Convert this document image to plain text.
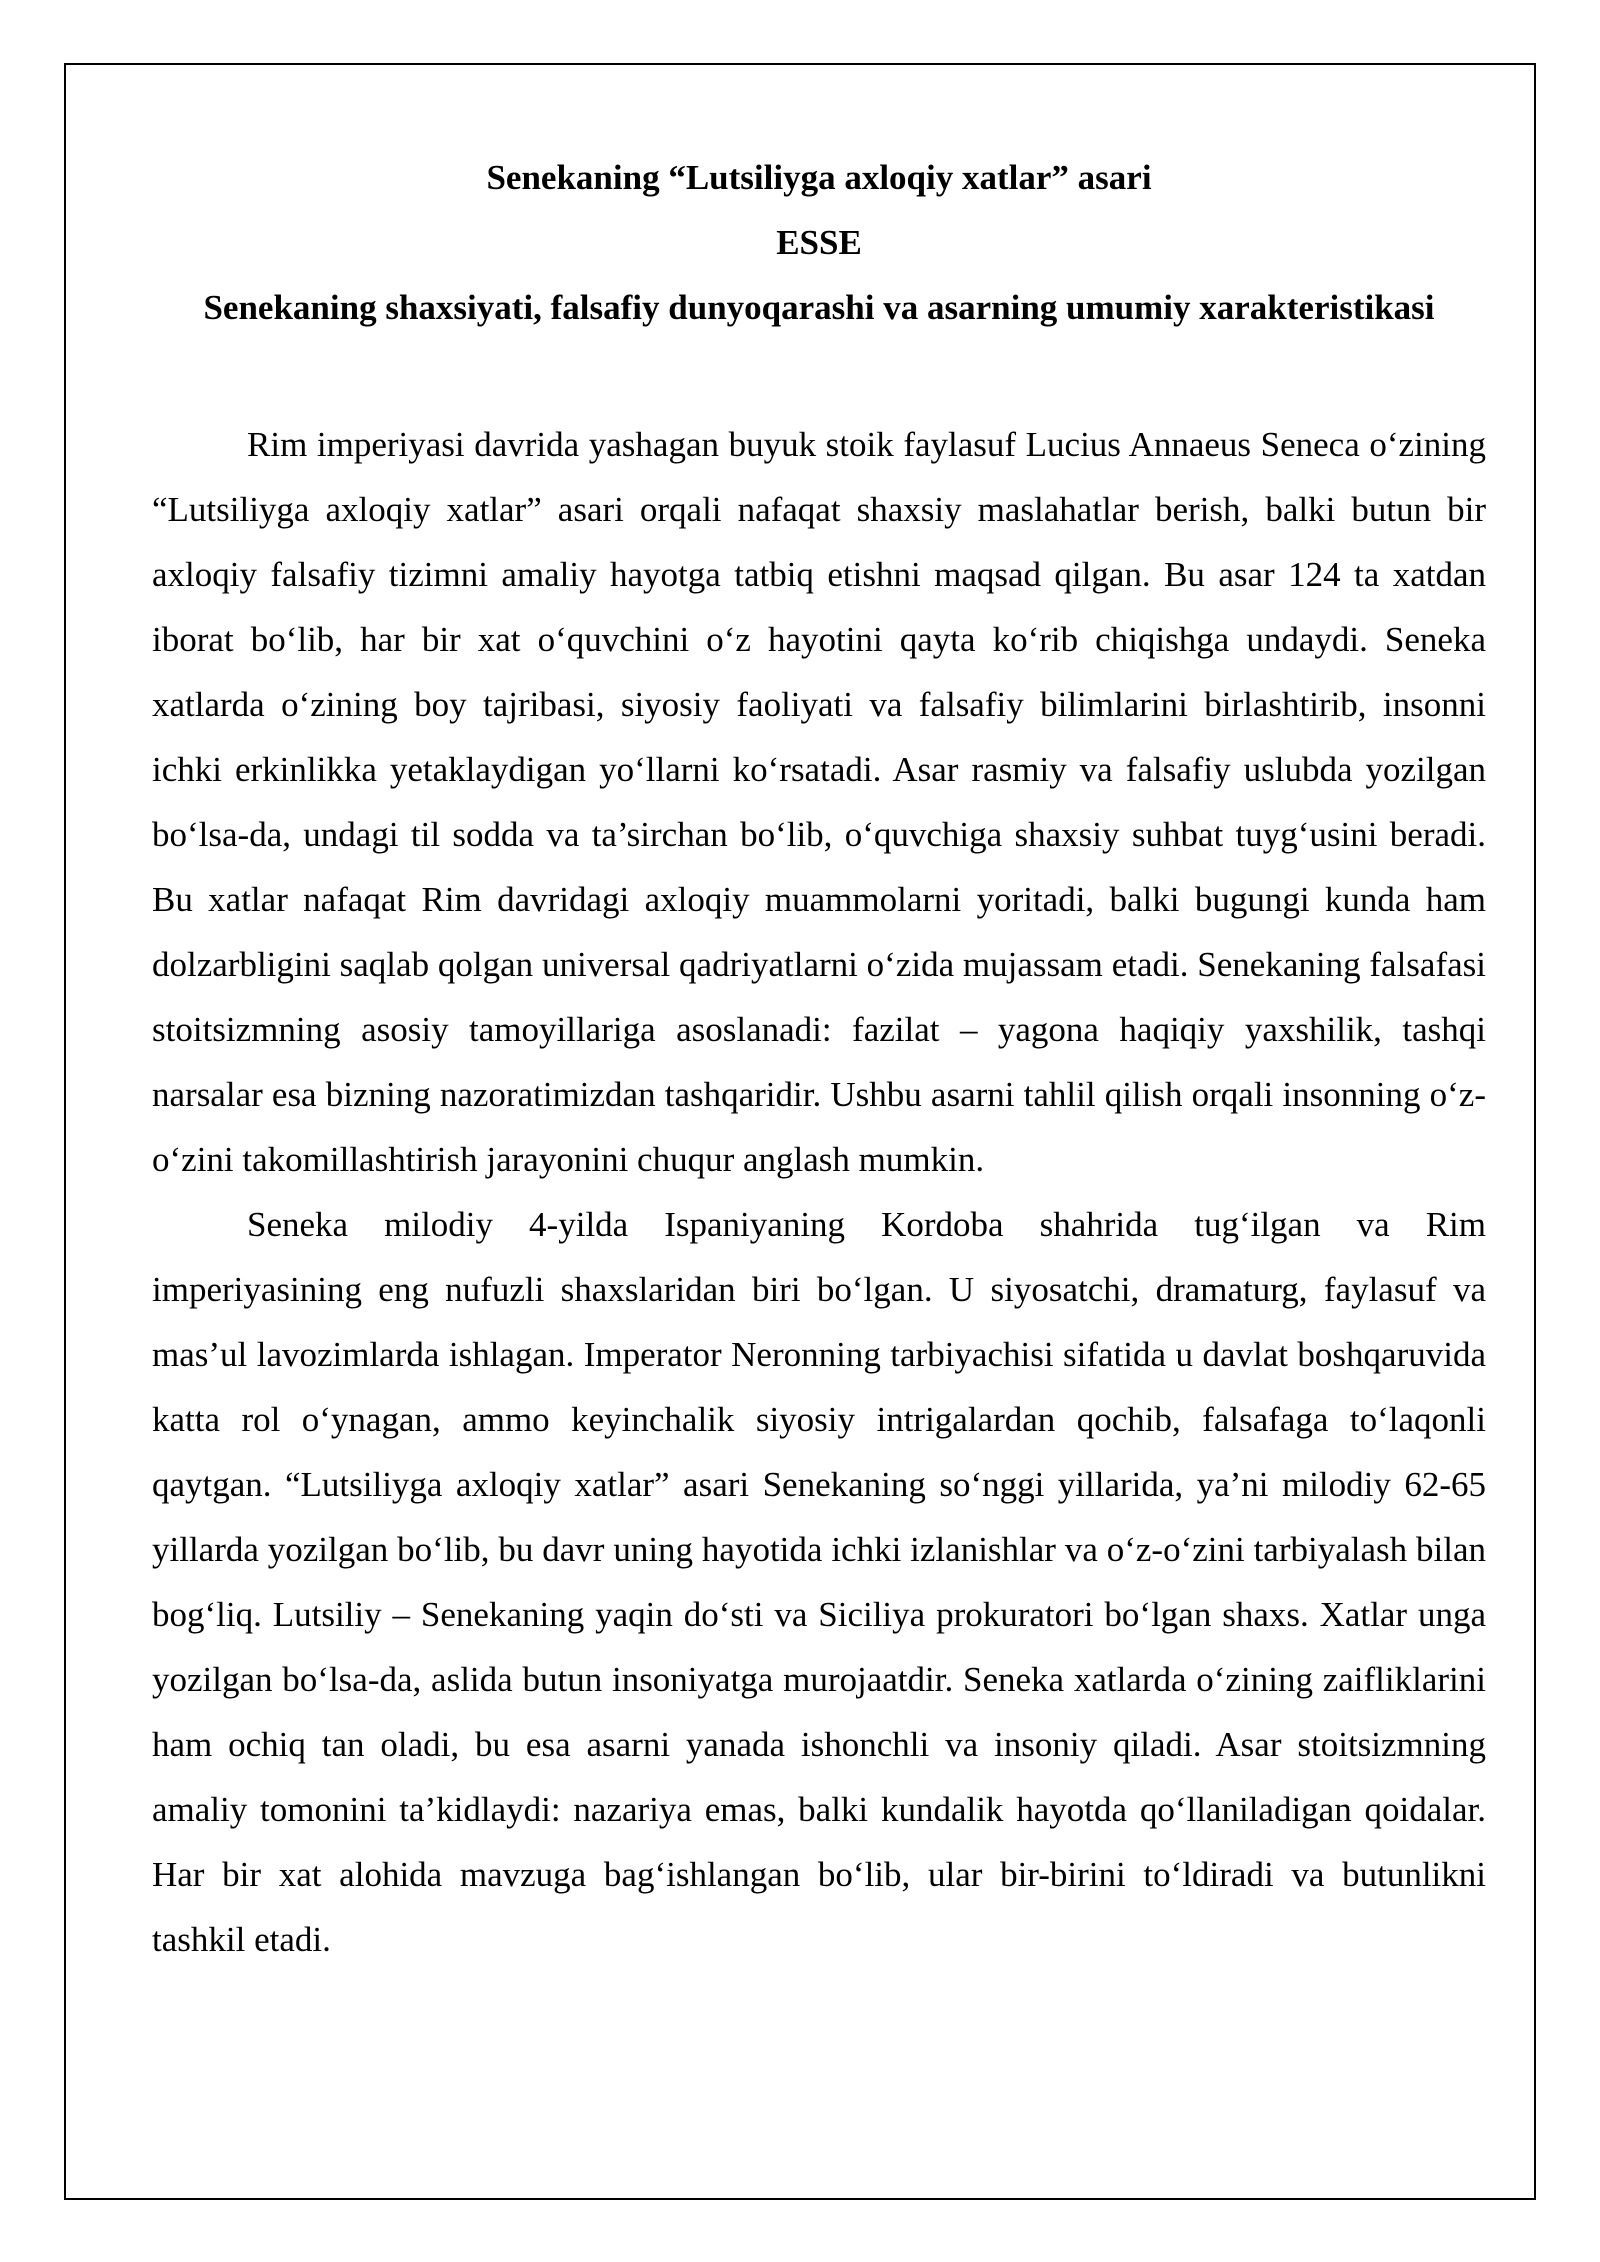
Senekaning “Lutsiliyga axloqiy xatlar” asari

ESSE

Senekaning shaxsiyati, falsafiy dunyoqarashi va asarning umumiy xarakteristikasi

Rim imperiyasi davrida yashagan buyuk stoik faylasuf Lucius Annaeus Seneca o‘zining “Lutsiliyga axloqiy xatlar” asari orqali nafaqat shaxsiy maslahatlar berish, balki butun bir axloqiy falsafiy tizimni amaliy hayotga tatbiq etishni maqsad qilgan. Bu asar 124 ta xatdan iborat bo‘lib, har bir xat o‘quvchini o‘z hayotini qayta ko‘rib chiqishga undaydi. Seneka xatlarda o‘zining boy tajribasi, siyosiy faoliyati va falsafiy bilimlarini birlashtirib, insonni ichki erkinlikka yetaklaydigan yo‘llarni ko‘rsatadi. Asar rasmiy va falsafiy uslubda yozilgan bo‘lsa-da, undagi til sodda va ta’sirchan bo‘lib, o‘quvchiga shaxsiy suhbat tuyg‘usini beradi. Bu xatlar nafaqat Rim davridagi axloqiy muammolarni yoritadi, balki bugungi kunda ham dolzarbligini saqlab qolgan universal qadriyatlarni o‘zida mujassam etadi. Senekaning falsafasi stoitsizmning asosiy tamoyillariga asoslanadi: fazilat – yagona haqiqiy yaxshilik, tashqi narsalar esa bizning nazoratimizdan tashqaridir. Ushbu asarni tahlil qilish orqali insonning o‘z-o‘zini takomillashtirish jarayonini chuqur anglash mumkin.

Seneka milodiy 4-yilda Ispaniyaning Kordoba shahrida tug‘ilgan va Rim imperiyasining eng nufuzli shaxslaridan biri bo‘lgan. U siyosatchi, dramaturg, faylasuf va mas’ul lavozimlarda ishlagan. Imperator Neronning tarbiyachisi sifatida u davlat boshqaruvida katta rol o‘ynagan, ammo keyinchalik siyosiy intrigalardan qochib, falsafaga to‘laqonli qaytgan. “Lutsiliyga axloqiy xatlar” asari Senekaning so‘nggi yillarida, ya’ni milodiy 62-65 yillarda yozilgan bo‘lib, bu davr uning hayotida ichki izlanishlar va o‘z-o‘zini tarbiyalash bilan bog‘liq. Lutsiliy – Senekaning yaqin do‘sti va Siciliya prokuratori bo‘lgan shaxs. Xatlar unga yozilgan bo‘lsa-da, aslida butun insoniyatga murojaatdir. Seneka xatlarda o‘zining zaifliklarini ham ochiq tan oladi, bu esa asarni yanada ishonchli va insoniy qiladi. Asar stoitsizmning amaliy tomonini ta’kidlaydi: nazariya emas, balki kundalik hayotda qo‘llaniladigan qoidalar. Har bir xat alohida mavzuga bag‘ishlangan bo‘lib, ular bir-birini to‘ldiradi va butunlikni tashkil etadi.
